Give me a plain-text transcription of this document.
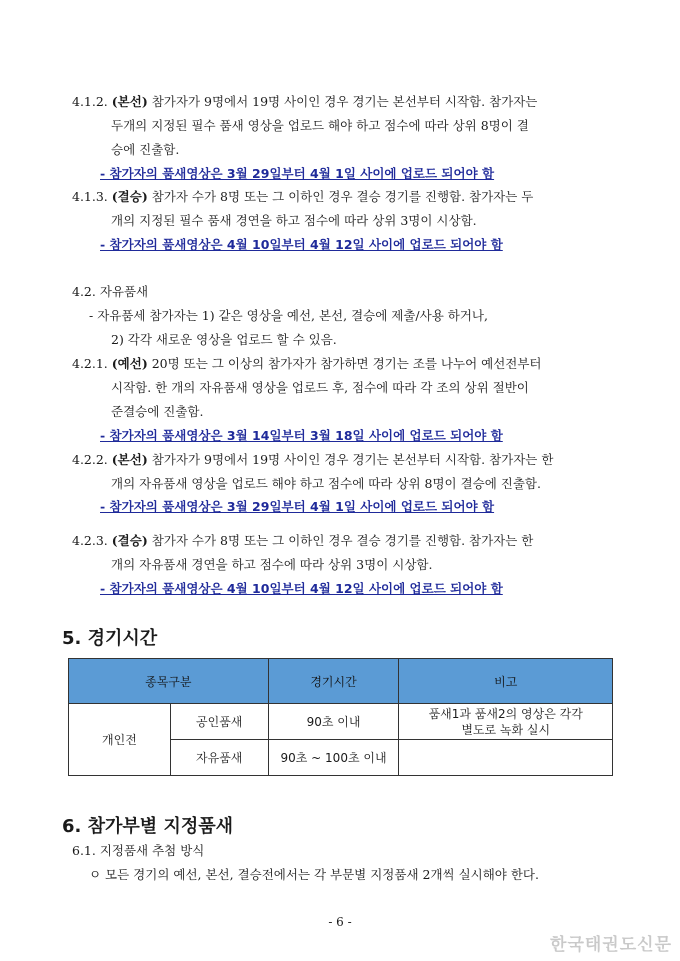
4.1.2. (본선) 참가자가 9명에서 19명 사이인 경우 경기는 본선부터 시작함. 참가자는
두개의 지정된 필수 품새 영상을 업로드 해야 하고 점수에 따라 상위 8명이 결
승에 진출함.
- 참가자의 품새영상은 3월 29일부터 4월 1일 사이에 업로드 되어야 함
4.1.3. (결승) 참가자 수가 8명 또는 그 이하인 경우 결승 경기를 진행함. 참가자는 두
개의 지정된 필수 품새 경연을 하고 점수에 따라 상위 3명이 시상함.
- 참가자의 품새영상은 4월 10일부터 4월 12일 사이에 업로드 되어야 함
4.2. 자유품새
- 자유품세 참가자는 1) 같은 영상을 예선, 본선, 결승에 제출/사용 하거나,
2) 각각 새로운 영상을 업로드 할 수 있음.
4.2.1. (예선) 20명 또는 그 이상의 참가자가 참가하면 경기는 조를 나누어 예선전부터
시작함. 한 개의 자유품새 영상을 업로드 후, 점수에 따라 각 조의 상위 절반이
준결승에 진출함.
- 참가자의 품새영상은 3월 14일부터 3월 18일 사이에 업로드 되어야 함
4.2.2. (본선) 참가자가 9명에서 19명 사이인 경우 경기는 본선부터 시작함. 참가자는 한
개의 자유품새 영상을 업로드 해야 하고 점수에 따라 상위 8명이 결승에 진출함.
- 참가자의 품새영상은 3월 29일부터 4월 1일 사이에 업로드 되어야 함
4.2.3. (결승) 참가자 수가 8명 또는 그 이하인 경우 결승 경기를 진행함. 참가자는 한
개의 자유품새 경연을 하고 점수에 따라 상위 3명이 시상함.
- 참가자의 품새영상은 4월 10일부터 4월 12일 사이에 업로드 되어야 함
5. 경기시간
종목구분		경기시간	비고
개인전	공인품새	90초 이내	품새1과 품새2의 영상은 각각
별도로 녹화 실시

	자유품새	90초 ~ 100초 이내	
6. 참가부별 지정품새
6.1. 지정품새 추첨 방식
ㅇ 모든 경기의 예선, 본선, 결승전에서는 각 부문별 지정품새 2개씩 실시해야 한다.
- 6 -
한국태권도신문
